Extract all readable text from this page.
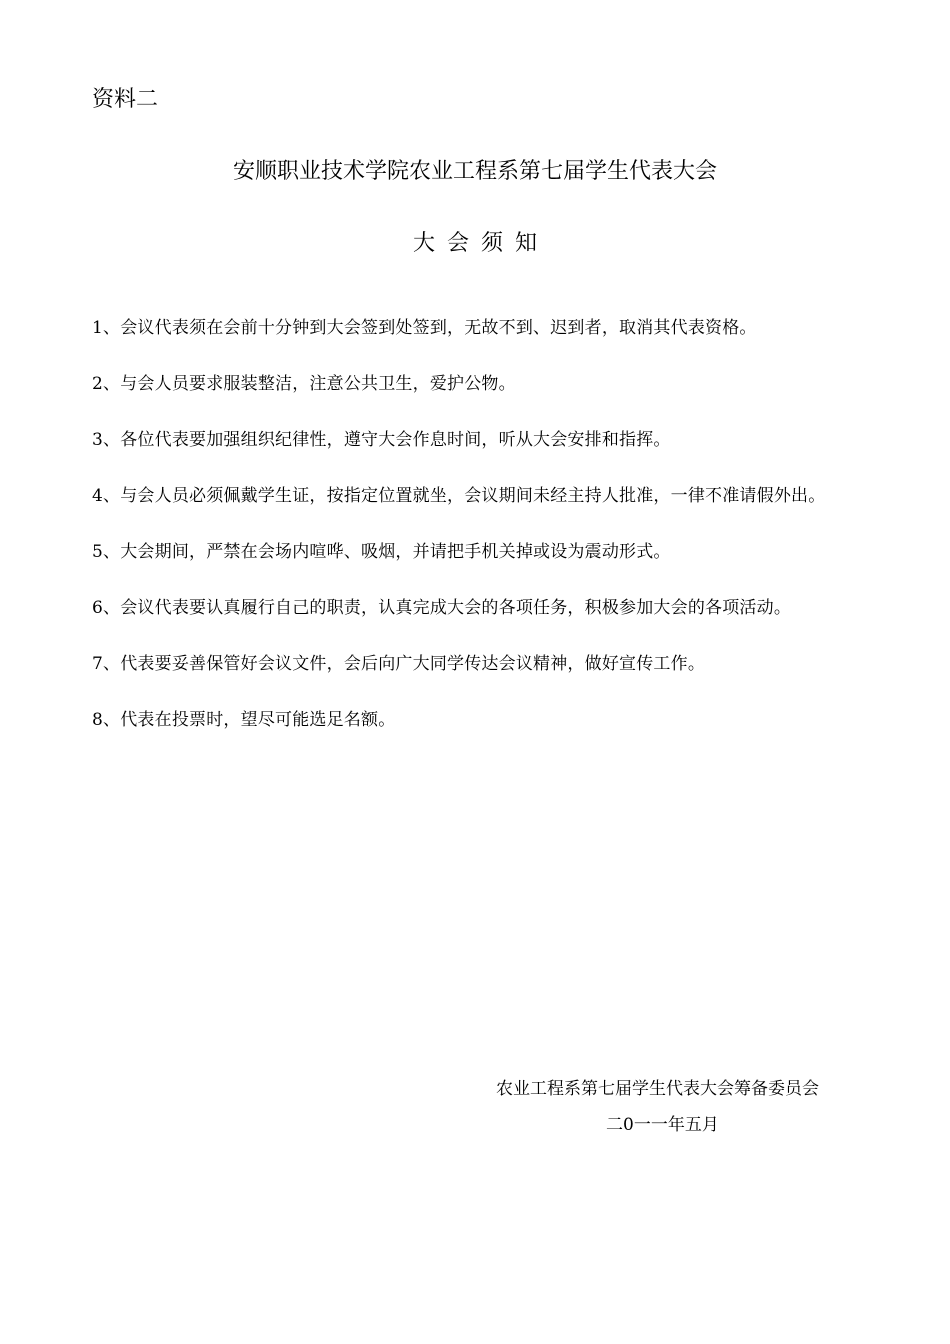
资料二
安顺职业技术学院农业工程系第七届学生代表大会
大会须知
1、 会议代表须在会前十分钟到大会签到处签到，无故不到、迟到者，取消其代表资格。
2、 与会人员要求服装整洁，注意公共卫生，爱护公物。
3、 各位代表要加强组织纪律性，遵守大会作息时间，听从大会安排和指挥。
4、 与会人员必须佩戴学生证，按指定位置就坐，会议期间未经主持人批准，一律不准请假外出。
5、 大会期间，严禁在会场内喧哗、吸烟，并请把手机关掉或设为震动形式。
6、 会议代表要认真履行自己的职责，认真完成大会的各项任务，积极参加大会的各项活动。
7、 代表要妥善保管好会议文件，会后向广大同学传达会议精神，做好宣传工作。
8、 代表在投票时，望尽可能选足名额。
农业工程系第七届学生代表大会筹备委员会
二0一一年五月
